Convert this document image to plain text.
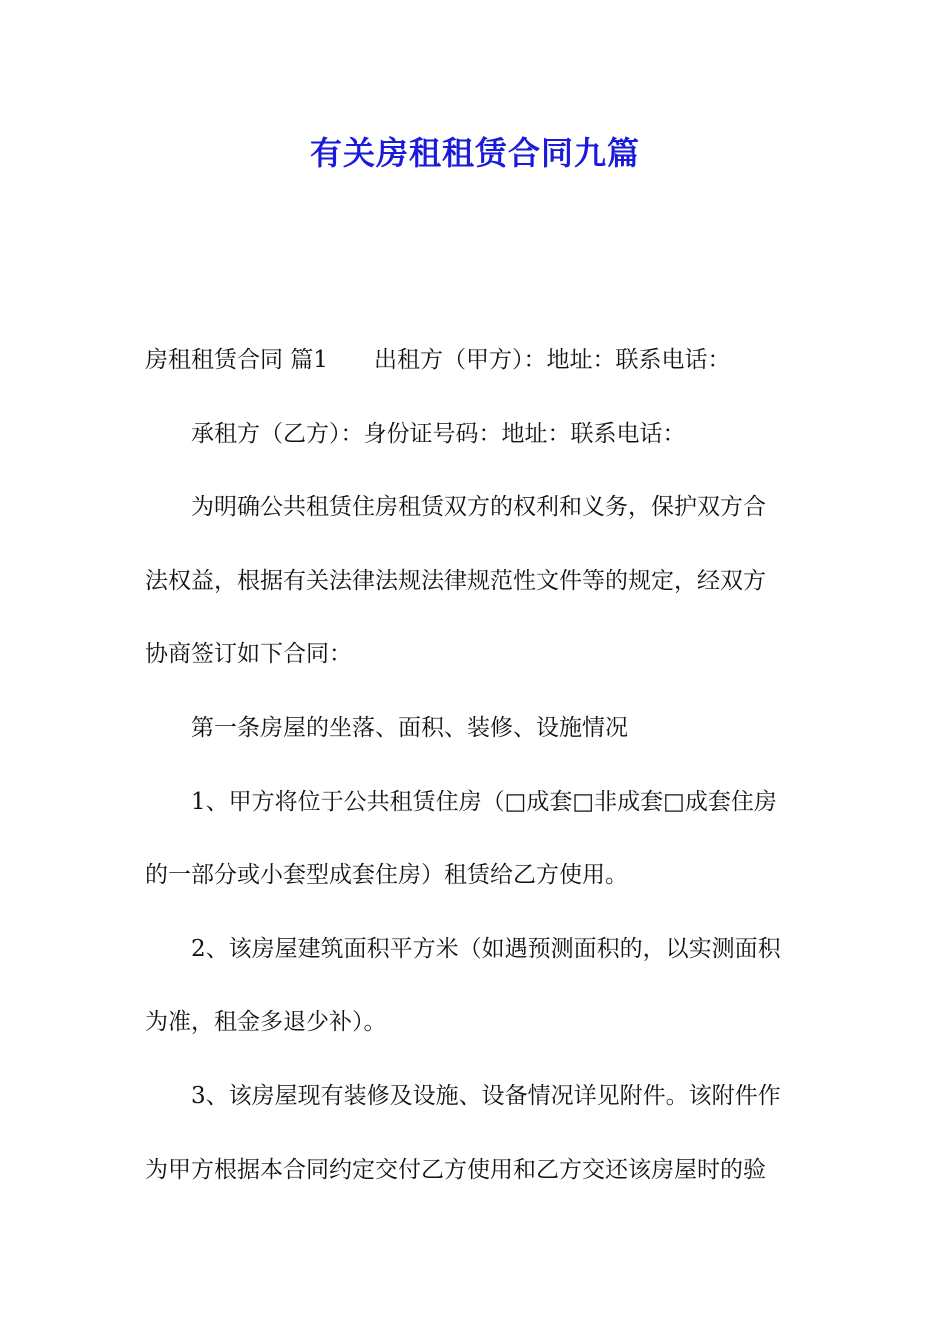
有关房租租赁合同九篇
房租租赁合同 篇1 出租方（甲方）：地址：联系电话：
承租方（乙方）：身份证号码：地址：联系电话：
为明确公共租赁住房租赁双方的权利和义务，保护双方合
法权益，根据有关法律法规法律规范性文件等的规定，经双方
协商签订如下合同：
第一条房屋的坐落、面积、装修、设施情况
1、甲方将位于公共租赁住房（□成套□非成套□成套住房
的一部分或小套型成套住房）租赁给乙方使用。
2、该房屋建筑面积平方米（如遇预测面积的，以实测面积
为准，租金多退少补）。
3、该房屋现有装修及设施、设备情况详见附件。该附件作
为甲方根据本合同约定交付乙方使用和乙方交还该房屋时的验
